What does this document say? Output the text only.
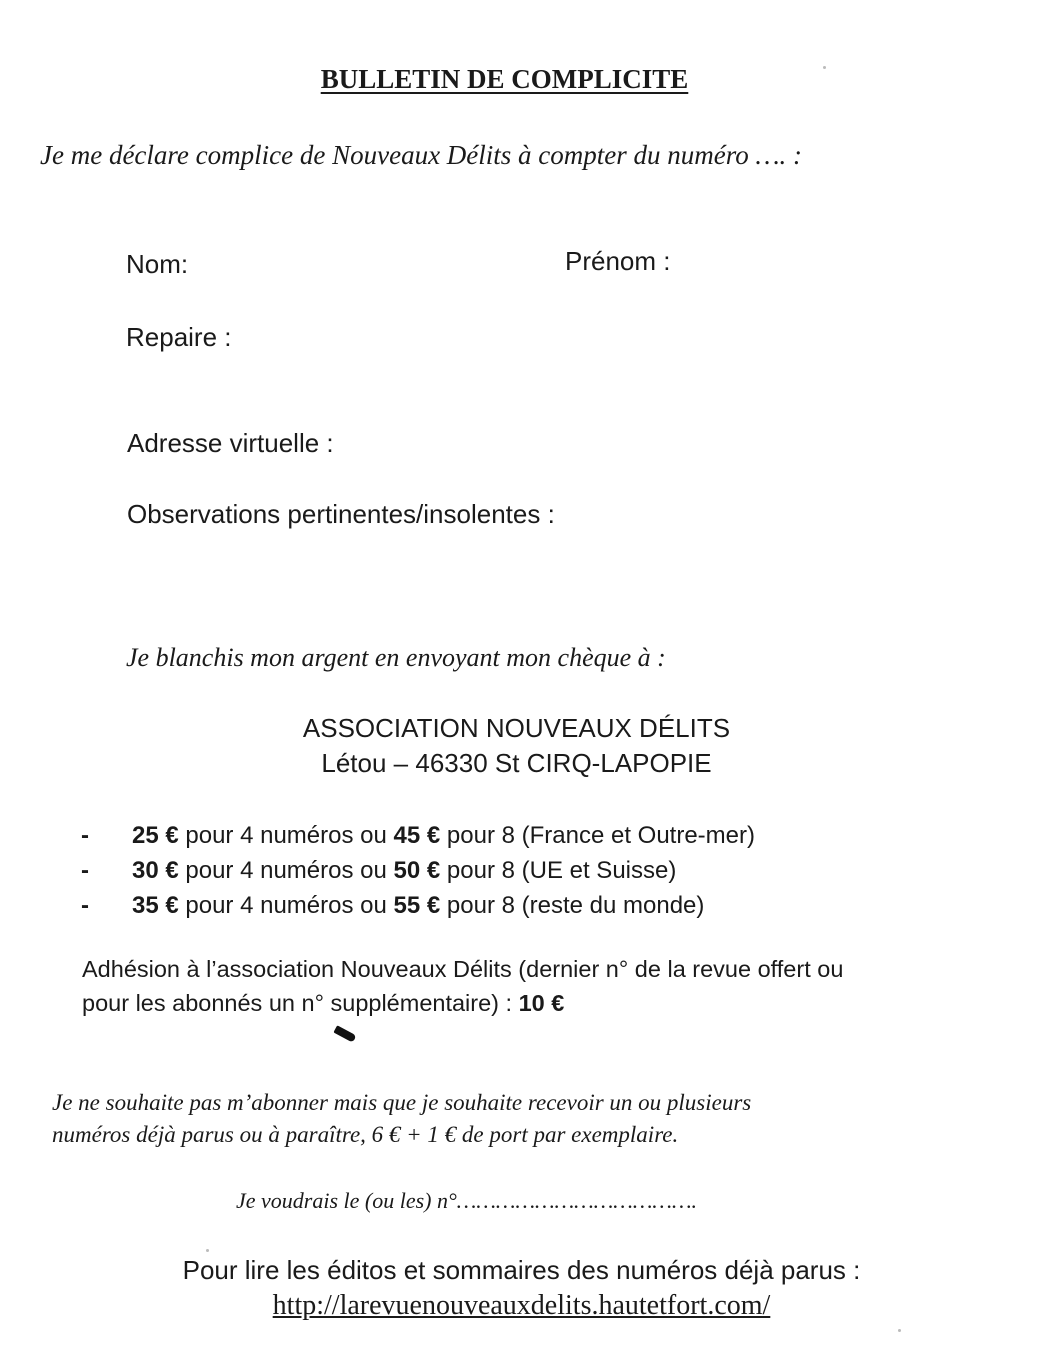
BULLETIN DE COMPLICITE
Je me déclare complice de Nouveaux Délits à compter du numéro …. :
Nom:	Prénom :
Repaire :
Adresse virtuelle :
Observations pertinentes/insolentes :
Je blanchis mon argent en envoyant mon chèque à :
ASSOCIATION NOUVEAUX DÉLITS
Létou – 46330 St CIRQ-LAPOPIE
- 25 € pour 4 numéros ou 45 € pour 8 (France et Outre-mer)
- 30 € pour 4 numéros ou 50 € pour 8 (UE et Suisse)
- 35 € pour 4 numéros ou 55 € pour 8 (reste du monde)
Adhésion à l’association Nouveaux Délits (dernier n° de la revue offert ou
pour les abonnés un n° supplémentaire) : 10 €
Je ne souhaite pas m’abonner mais que je souhaite recevoir un ou plusieurs
numéros déjà parus ou à paraître, 6 € + 1 € de port par exemplaire.
Je voudrais le (ou les) n°……………………………….
Pour lire les éditos et sommaires des numéros déjà parus :
http://larevuenouveauxdelits.hautetfort.com/
